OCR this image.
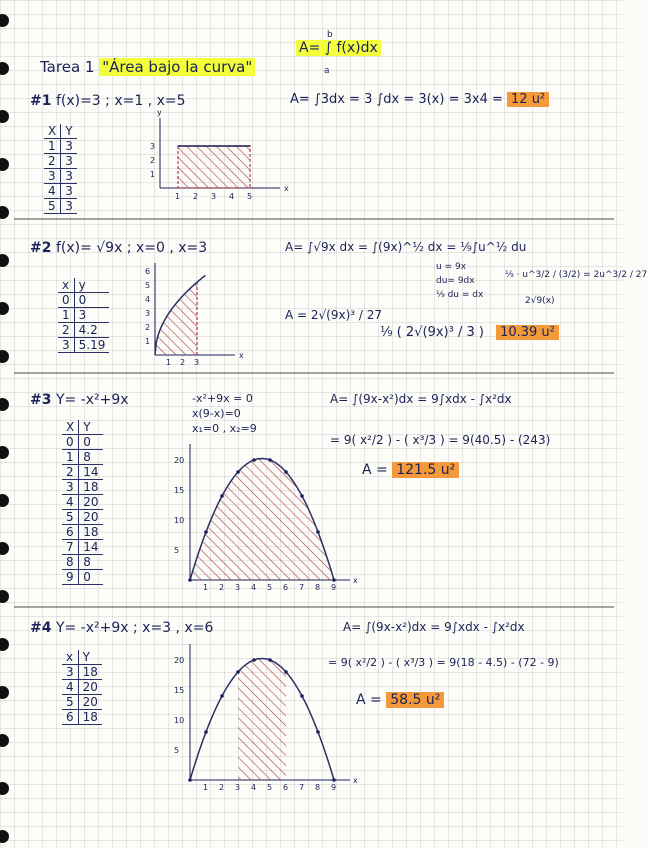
Tarea 1 "Área bajo la curva"
A= ∫ f(x)dx
b
a
#1 f(x)=3 ; x=1 , x=5	A= ∫3dx = 3 ∫dx = 3(x) = 3x4 = 12 u²
X	Y
1	3
2	3
3	3
4	3
5	3
3
2
1
1 2 3 4 5
x
y
#2 f(x)= √9x ; x=0 , x=3	A= ∫√9x dx = ∫(9x)^½ dx = ⅑∫u^½ du
u = 9x
du= 9dx
⅑ du = dx
⅑ · u^3/2 / (3/2) = 2u^3/2 / 27
2√9(x)
A = 2√(9x)³ / 27
⅑ ( 2√(9x)³ / 3 ) 10.39 u²
x	y
0	0
1	3
2	4.2
3	5.19
6
5
4
3
2
1
1 2 3
x
#3 Y= -x²+9x	-x²+9x = 0
x(9-x)=0
x₁=0 , x₂=9
A= ∫(9x-x²)dx = 9∫xdx - ∫x²dx
= 9( x²/2 ) - ( x³/3 ) = 9(40.5) - (243)
A = 121.5 u²
X	Y
0	0
1	8
2	14
3	18
4	20
5	20
6	18
7	14
8	8
9	0
20
15
10
5
1 2 3 4 5 6 7 8 9
x
#4 Y= -x²+9x ; x=3 , x=6	A= ∫(9x-x²)dx = 9∫xdx - ∫x²dx
= 9( x²/2 ) - ( x³/3 ) = 9(18 - 4.5) - (72 - 9)
A = 58.5 u²
x	Y
3	18
4	20
5	20
6	18
20
15
10
5
1 2 3 4 5 6 7 8 9
x
